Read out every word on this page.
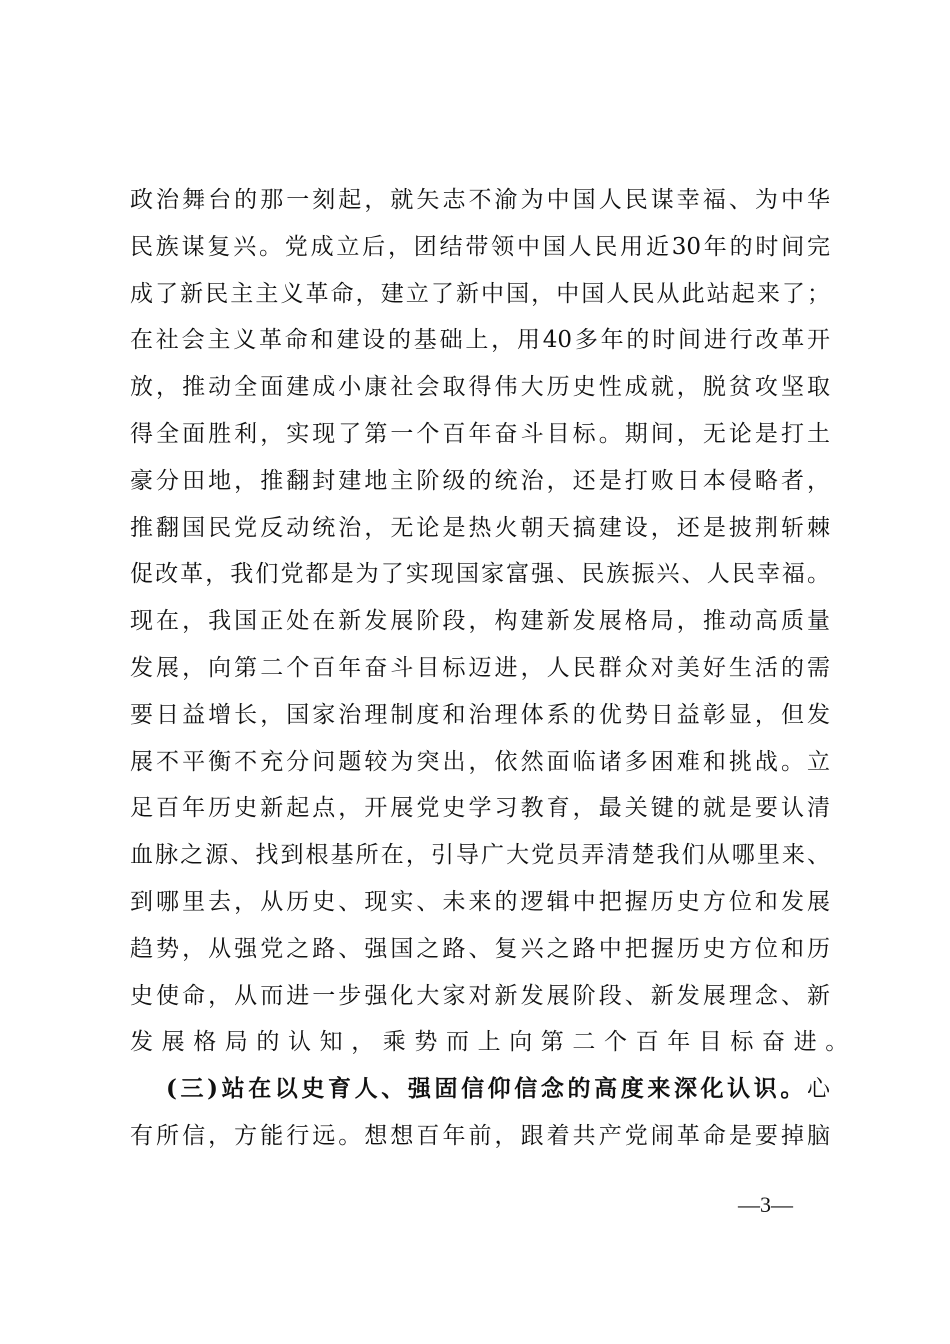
政治舞台的那一刻起，就矢志不渝为中国人民谋幸福、为中华
民族谋复兴。党成立后，团结带领中国人民用近30年的时间完
成了新民主主义革命，建立了新中国，中国人民从此站起来了；
在社会主义革命和建设的基础上，用40多年的时间进行改革开
放，推动全面建成小康社会取得伟大历史性成就，脱贫攻坚取
得全面胜利，实现了第一个百年奋斗目标。期间，无论是打土
豪分田地，推翻封建地主阶级的统治，还是打败日本侵略者，
推翻国民党反动统治，无论是热火朝天搞建设，还是披荆斩棘
促改革，我们党都是为了实现国家富强、民族振兴、人民幸福。
现在，我国正处在新发展阶段，构建新发展格局，推动高质量
发展，向第二个百年奋斗目标迈进，人民群众对美好生活的需
要日益增长，国家治理制度和治理体系的优势日益彰显，但发
展不平衡不充分问题较为突出，依然面临诸多困难和挑战。立
足百年历史新起点，开展党史学习教育，最关键的就是要认清
血脉之源、找到根基所在，引导广大党员弄清楚我们从哪里来、
到哪里去，从历史、现实、未来的逻辑中把握历史方位和发展
趋势，从强党之路、强国之路、复兴之路中把握历史方位和历
史使命，从而进一步强化大家对新发展阶段、新发展理念、新
发展格局的认知，乘势而上向第二个百年目标奋进。
(三)站在以史育人、强固信仰信念的高度来深化认识。心
有所信，方能行远。想想百年前，跟着共产党闹革命是要掉脑
—3—
